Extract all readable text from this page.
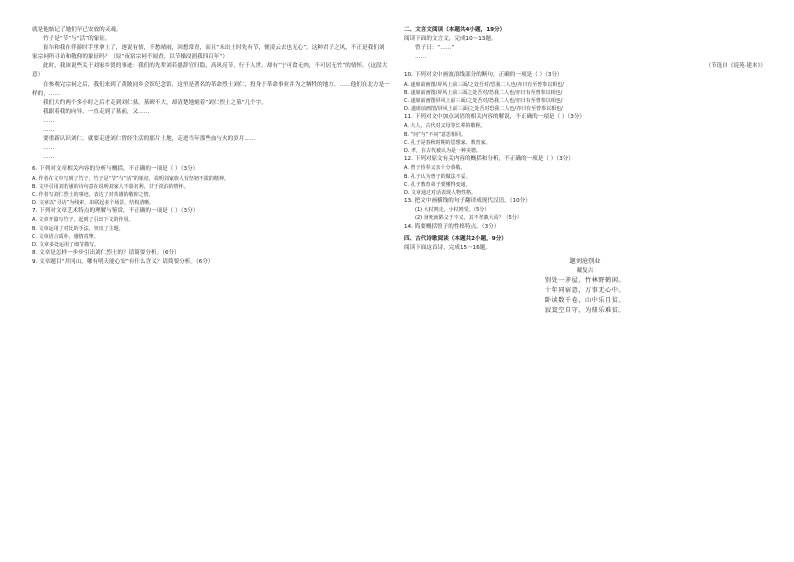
就是他惦记了她们早已安放的灵魂。

竹子是“节”与“活”的象征。

崔尔和我在伴游时手里拿上了，逐说有情，不愁晴雨，回想常青，而且“未出土时先有节，便凌云去也无心”。这种君子之风，不正是我们刘家宗祠所寻访和敬仰的象征吗？（原“夜宿宗祠不闻香，以节操浸润我四百年”）

此时，我该说些关于刘家乡贤的事迹：我们的先辈刘若愚辞官归隐，高风亮节，行于人世，却有“宁可食无肉，不可居无竹”的情怀。（这段大意）

在参观完宗祠之后，我们来到了黄陂同乡会馆纪念馆，这里是著名的革命烈士刘仁，投身于革命事业并为之牺牲的地方。……他们在北方是一样的，……

我们大约两个多小时之后才走到刘仁墓，墓碑不大，却清楚地刻着“刘仁烈士之墓”几个字。

我跟着我的向导，一直走到了墓前，又……

……

……

要重新认识刘仁，就要走进刘仁曾经生活的那片土地，走进当年那些血与火的岁月……

……

……

6. 下列对文章相关内容的分析与概括，不正确的一项是（ ）（3分）

A. 作者在文中写到了竹子，竹子是“节”与“活”的象征，说明刘家族人有坚韧不拔的精神。

B. 文中引用刘若愚的诗句意在说明刘家人不慕名利、甘于淡泊的情怀。

C. 作者写刘仁烈士的事迹，表达了对英雄的敬仰之情。

D. 文章以“寻访”为线索，串联起多个场景，结构清晰。

7. 下列对文章艺术特点的理解与鉴赏，不正确的一项是（ ）（3分）

A. 文章开篇写竹子，起到了引出下文的作用。

B. 文章运用了对比的手法，突出了主题。

C. 文章语言质朴，感情真挚。

D. 文章多处运用了细节描写。

8. 文章是怎样一步步引出刘仁烈士的？请简要分析。（6分）

9. 文章题目“井冈山，哪有明天能心安”有什么含义？请简要分析。（6分）

二、文言文阅读（本题共4小题，19分）

阅读下面的文言文，完成10～13题。

曾子曰：“……”

……

（节选自《说苑·建本》）

10. 下列对文中画波浪线部分的断句，正确的一项是（ ）（3分）

A. 遂席前画图/屏风上前三面/之处吾对/恐我二人也/亦曰有至曾参以相也/

B. 遂席前画图/屏风上前三面之处吾对/恐我二人也/亦曰有至曾参以相也/

C. 遂席前画图屏风上前三面/之处吾对/恐我二人也/亦曰有至曾参以相也/

D. 遂席前画图/屏风上前三面/之处吾对恐我二人也/亦曰有至曾参以相也/

11. 下列对文中加点词语的相关内容的解说，不正确的一项是（ ）（3分）

A. 大人，古代对父母等长辈的敬称。

B. “问”与“不问”意思相同。

C. 孔子是春秋时期的思想家、教育家。

D. 孝，在古代被认为是一种美德。

12. 下列对原文有关内容的概括和分析，不正确的一项是（ ）（3分）

A. 曾子侍奉父亲十分恭敬。

B. 孔子认为曾子的做法不妥。

C. 孔子教育弟子要懂得变通。

D. 文章通过对话表现人物性格。

13. 把文中画横线的句子翻译成现代汉语。（10分）

(1) 大杖则走，小杖则受。（5分）

(2) 身死而陷父于不义，其不孝孰大焉？（5分）

14. 简要概括曾子的性格特点。（3分）

四、古代诗歌阅读（本题共2小题，9分）

阅读下面这首诗，完成15～16题。

题刘沧别业
戴复古
别处一茅屋，竹林野鹤闲。
十年同宿意，万事无心中。
卧读数千卷，山中乐且贫。
寂寞空自守，为鼎乐难贫。
